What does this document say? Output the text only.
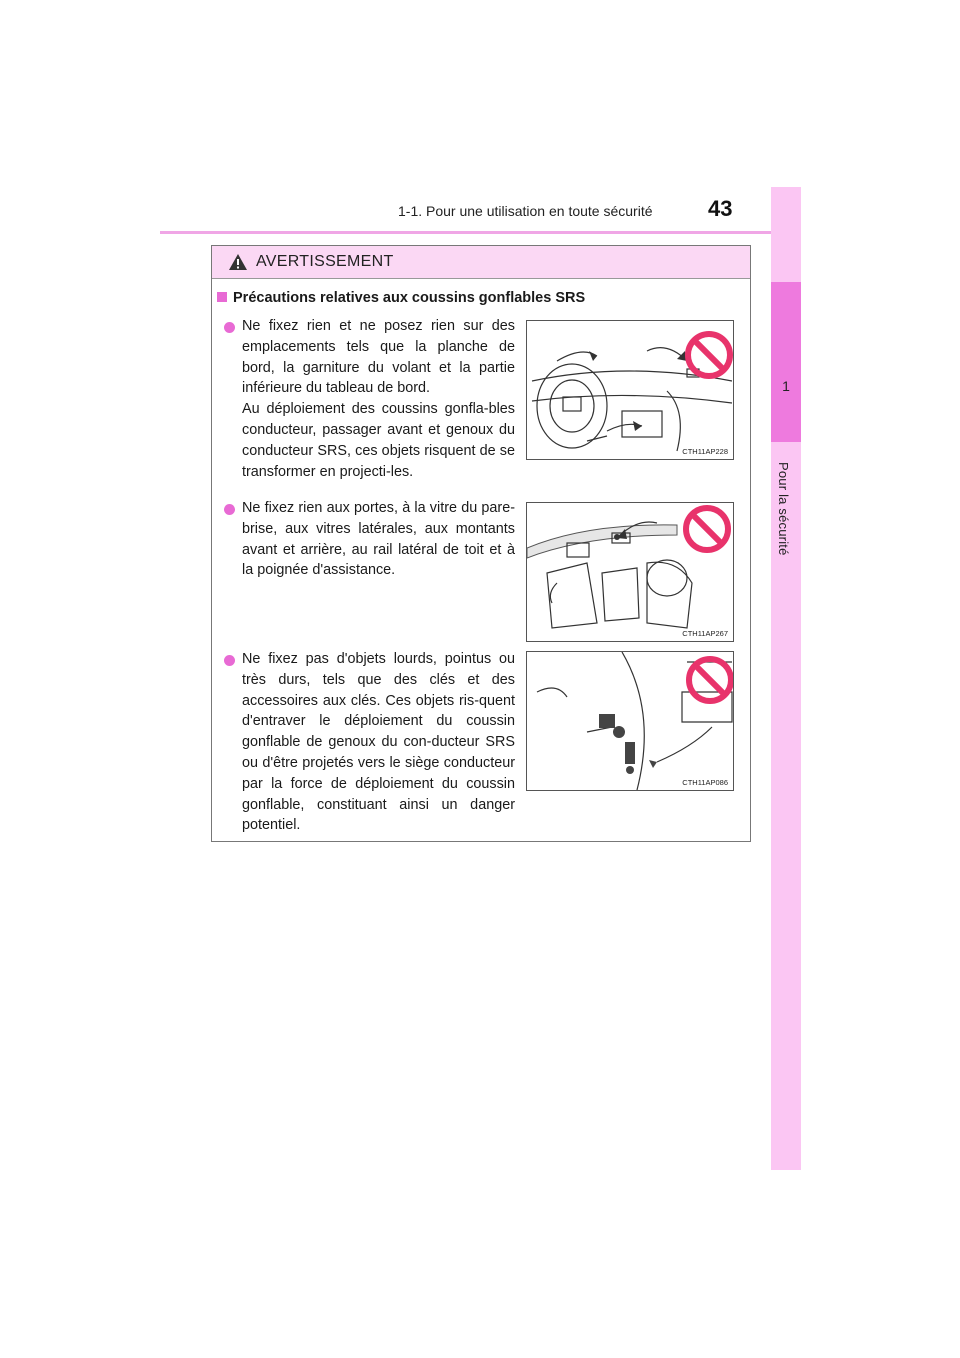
1-1. Pour une utilisation en toute sécurité	43
1
Pour la sécurité
AVERTISSEMENT
Précautions relatives aux coussins gonflables SRS

Ne fixez rien et ne posez rien sur des emplacements tels que la planche de bord, la garniture du volant et la partie inférieure du tableau de bord.

Au déploiement des coussins gonfla-bles conducteur, passager avant et genoux du conducteur SRS, ces objets risquent de se transformer en projecti-les.

CTH11AP228

Ne fixez rien aux portes, à la vitre du pare-brise, aux vitres latérales, aux montants avant et arrière, au rail latéral de toit et à la poignée d'assistance.

CTH11AP267

Ne fixez pas d'objets lourds, pointus ou très durs, tels que des clés et des accessoires aux clés. Ces objets ris-quent d'entraver le déploiement du coussin gonflable de genoux du con-ducteur SRS ou d'être projetés vers le siège conducteur par la force de déploiement du coussin gonflable, constituant ainsi un danger potentiel.

CTH11AP086
